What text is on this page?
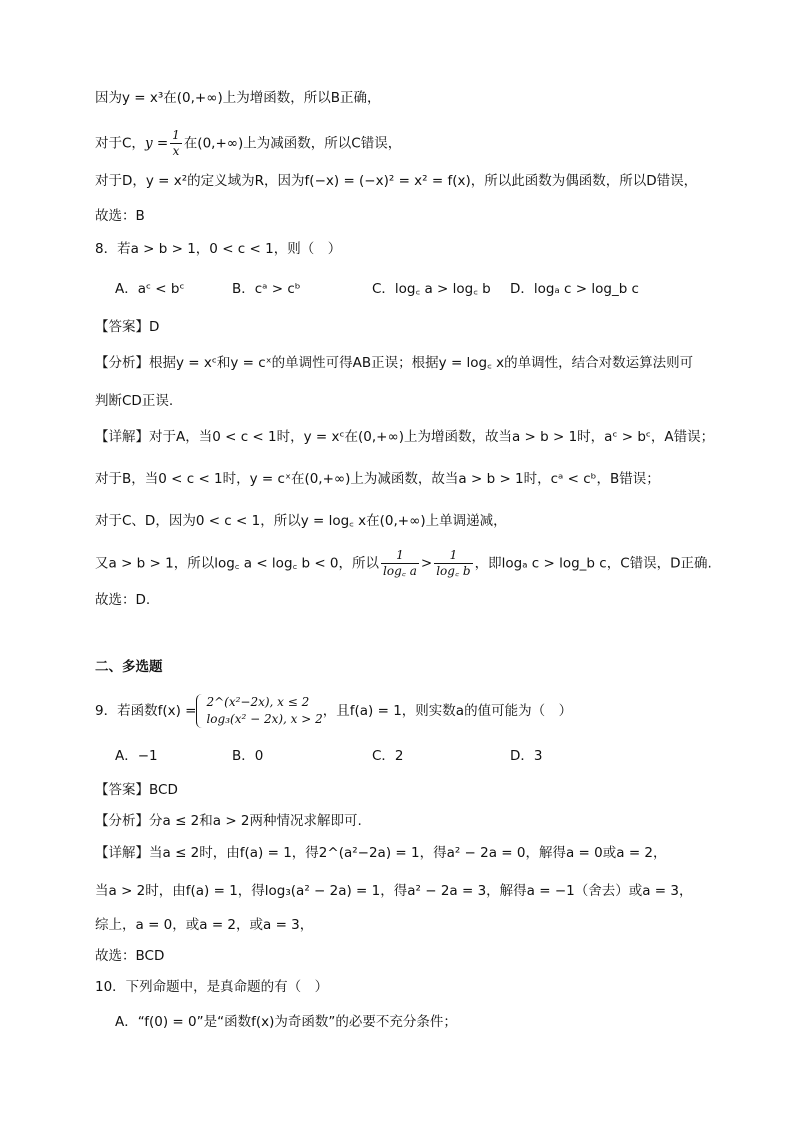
因为y = x³在(0,+∞)上为增函数，所以B正确，
对于C，$y = \frac{1}{x}$ 在(0,+∞)上为减函数，所以C错误，
对于D，y = x²的定义域为R，因为f(−x) = (−x)² = x² = f(x)，所以此函数为偶函数，所以D错误，
故选：B
8．若a > b > 1，0 < c < 1，则（　）
A．aᶜ < bᶜ	B．cᵃ > cᵇ	C．log꜀ a > log꜀ b D．logₐ c > log_b c
【答案】D
【分析】根据y = xᶜ和y = cˣ的单调性可得AB正误；根据y = log꜀ x的单调性，结合对数运算法则可
判断CD正误.
【详解】对于A，当0 < c < 1时，y = xᶜ在(0,+∞)上为增函数，故当a > b > 1时，aᶜ > bᶜ，A错误；
对于B，当0 < c < 1时，y = cˣ在(0,+∞)上为减函数，故当a > b > 1时，cᵃ < cᵇ，B错误；
对于C、D，因为0 < c < 1，所以y = log꜀ x在(0,+∞)上单调递减，
又a > b > 1，所以log꜀ a < log꜀ b < 0，所以 $\frac{1}{\log꜀ a} > \frac{1}{\log꜀ b}$ ，即logₐ c > log_b c，C错误，D正确.
故选：D.
二、多选题
9．若函数f(x) =
2^(x²−2x), x ≤ 2
log₃(x² − 2x), x > 2 ，且f(a) = 1，则实数a的值可能为（　）
A．−1	B．0	C．2	D．3
【答案】BCD
【分析】分a ≤ 2和a > 2两种情况求解即可.
【详解】当a ≤ 2时，由f(a) = 1，得2^(a²−2a) = 1，得a² − 2a = 0，解得a = 0或a = 2，
当a > 2时，由f(a) = 1，得log₃(a² − 2a) = 1，得a² − 2a = 3，解得a = −1（舍去）或a = 3，
综上，a = 0，或a = 2，或a = 3，
故选：BCD
10．下列命题中，是真命题的有（　）
A．“f(0) = 0”是“函数f(x)为奇函数”的必要不充分条件；
